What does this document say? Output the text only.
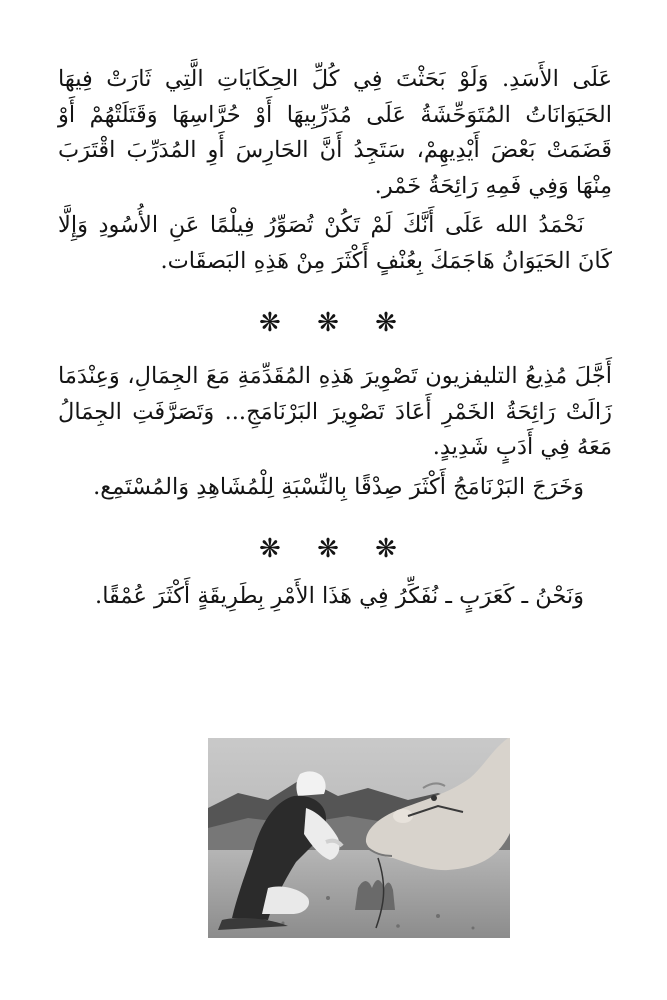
عَلَى الأَسَدِ. وَلَوْ بَحَثْتَ فِي كُلِّ الحِكَايَاتِ الَّتِي ثَارَتْ فِيهَا الحَيَوَانَاتُ المُتَوَحِّشَةُ عَلَى مُدَرِّبِيهَا أَوْ حُرَّاسِهَا وَقَتَلَتْهُمْ أَوْ قَضَمَتْ بَعْضَ أَيْدِيهِمْ، سَتَجِدُ أَنَّ الحَارِسَ أَوِ المُدَرِّبَ اقْتَرَبَ مِنْهَا وَفِي فَمِهِ رَائِحَةُ خَمْر.

نَحْمَدُ الله عَلَى أَنَّكَ لَمْ تَكُنْ تُصَوِّرُ فِيلْمًا عَنِ الأُسُودِ وَإِلَّا كَانَ الحَيَوَانُ هَاجَمَكَ بِعُنْفٍ أَكْثَرَ مِنْ هَذِهِ البَصقَات.

❋ ❋ ❋

أَجَّلَ مُذِيعُ التليفزيون تَصْوِيرَ هَذِهِ المُقَدِّمَةِ مَعَ الجِمَالِ، وَعِنْدَمَا زَالَتْ رَائِحَةُ الخَمْرِ أَعَادَ تَصْوِيرَ البَرْنَامَجِ... وَتَصَرَّفَتِ الجِمَالُ مَعَهُ فِي أَدَبٍ شَدِيدٍ.

وَخَرَجَ البَرْنَامَجُ أَكْثَرَ صِدْقًا بِالنِّسْبَةِ لِلْمُشَاهِدِ وَالمُسْتَمِع.

❋ ❋ ❋

وَنَحْنُ ـ كَعَرَبٍ ـ نُفَكِّرُ فِي هَذَا الأَمْرِ بِطَرِيقَةٍ أَكْثَرَ عُمْقًا.
